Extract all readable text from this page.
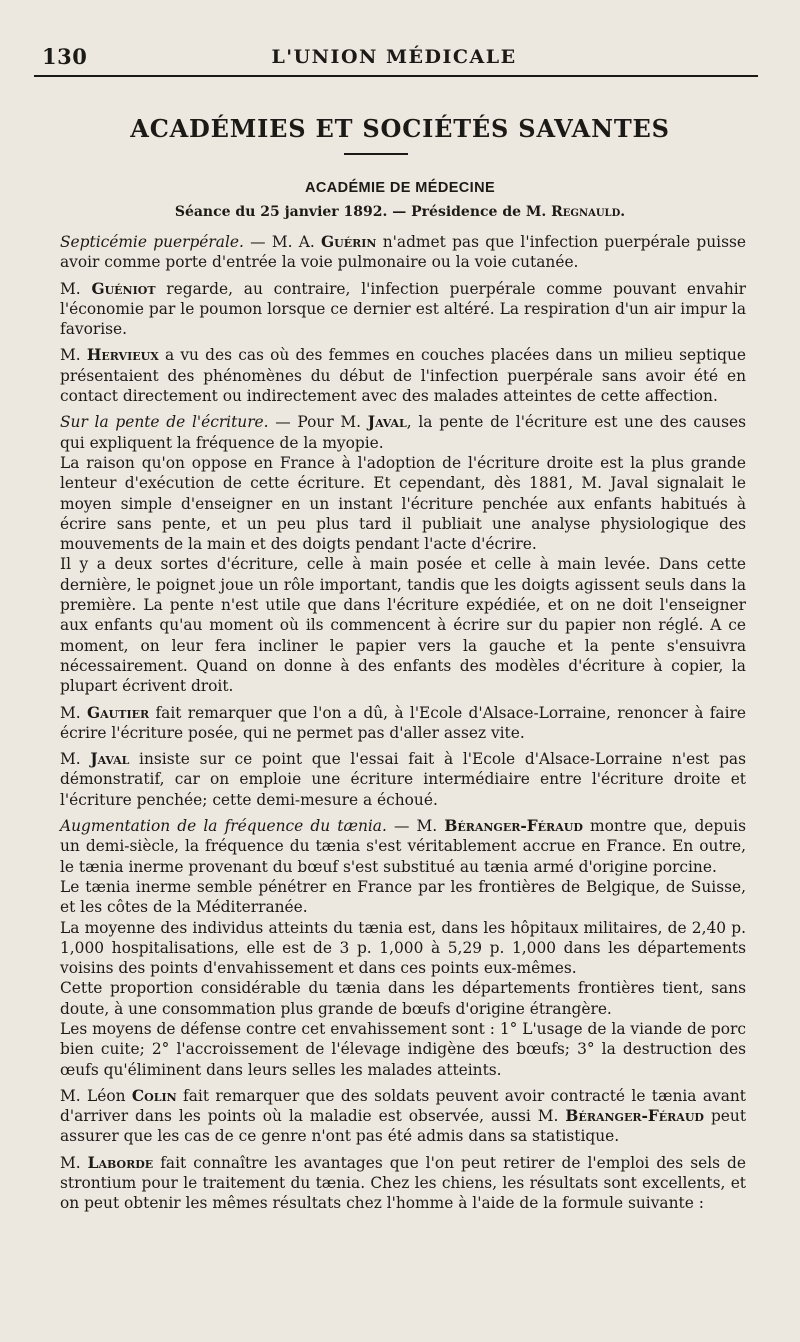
130	L'UNION MÉDICALE
ACADÉMIES ET SOCIÉTÉS SAVANTES
ACADÉMIE DE MÉDECINE
Séance du 25 janvier 1892. — Présidence de M. Regnauld.

Septicémie puerpérale. — M. A. Guérin n'admet pas que l'infection puerpérale puisse avoir comme porte d'entrée la voie pulmonaire ou la voie cutanée.

M. Guéniot regarde, au contraire, l'infection puerpérale comme pouvant envahir l'économie par le poumon lorsque ce dernier est altéré. La respiration d'un air impur la favorise.

M. Hervieux a vu des cas où des femmes en couches placées dans un milieu septique présentaient des phénomènes du début de l'infection puerpérale sans avoir été en contact directement ou indirectement avec des malades atteintes de cette affection.

Sur la pente de l'écriture. — Pour M. Javal, la pente de l'écriture est une des causes qui expliquent la fréquence de la myopie.

La raison qu'on oppose en France à l'adoption de l'écriture droite est la plus grande lenteur d'exécution de cette écriture. Et cependant, dès 1881, M. Javal signalait le moyen simple d'enseigner en un instant l'écriture penchée aux enfants habitués à écrire sans pente, et un peu plus tard il publiait une analyse physiologique des mouvements de la main et des doigts pendant l'acte d'écrire.

Il y a deux sortes d'écriture, celle à main posée et celle à main levée. Dans cette dernière, le poignet joue un rôle important, tandis que les doigts agissent seuls dans la première. La pente n'est utile que dans l'écriture expédiée, et on ne doit l'enseigner aux enfants qu'au moment où ils commencent à écrire sur du papier non réglé. A ce moment, on leur fera incliner le papier vers la gauche et la pente s'ensuivra nécessairement. Quand on donne à des enfants des modèles d'écriture à copier, la plupart écrivent droit.

M. Gautier fait remarquer que l'on a dû, à l'Ecole d'Alsace-Lorraine, renoncer à faire écrire l'écriture posée, qui ne permet pas d'aller assez vite.

M. Javal insiste sur ce point que l'essai fait à l'Ecole d'Alsace-Lorraine n'est pas démonstratif, car on emploie une écriture intermédiaire entre l'écriture droite et l'écriture penchée; cette demi-mesure a échoué.

Augmentation de la fréquence du tænia. — M. Béranger-Féraud montre que, depuis un demi-siècle, la fréquence du tænia s'est véritablement accrue en France. En outre, le tænia inerme provenant du bœuf s'est substitué au tænia armé d'origine porcine.

Le tænia inerme semble pénétrer en France par les frontières de Belgique, de Suisse, et les côtes de la Méditerranée.

La moyenne des individus atteints du tænia est, dans les hôpitaux militaires, de 2,40 p. 1,000 hospitalisations, elle est de 3 p. 1,000 à 5,29 p. 1,000 dans les départements voisins des points d'envahissement et dans ces points eux-mêmes.

Cette proportion considérable du tænia dans les départements frontières tient, sans doute, à une consommation plus grande de bœufs d'origine étrangère.

Les moyens de défense contre cet envahissement sont : 1° L'usage de la viande de porc bien cuite; 2° l'accroissement de l'élevage indigène des bœufs; 3° la destruction des œufs qu'éliminent dans leurs selles les malades atteints.

M. Léon Colin fait remarquer que des soldats peuvent avoir contracté le tænia avant d'arriver dans les points où la maladie est observée, aussi M. Béranger-Féraud peut assurer que les cas de ce genre n'ont pas été admis dans sa statistique.

M. Laborde fait connaître les avantages que l'on peut retirer de l'emploi des sels de strontium pour le traitement du tænia. Chez les chiens, les résultats sont excellents, et on peut obtenir les mêmes résultats chez l'homme à l'aide de la formule suivante :
